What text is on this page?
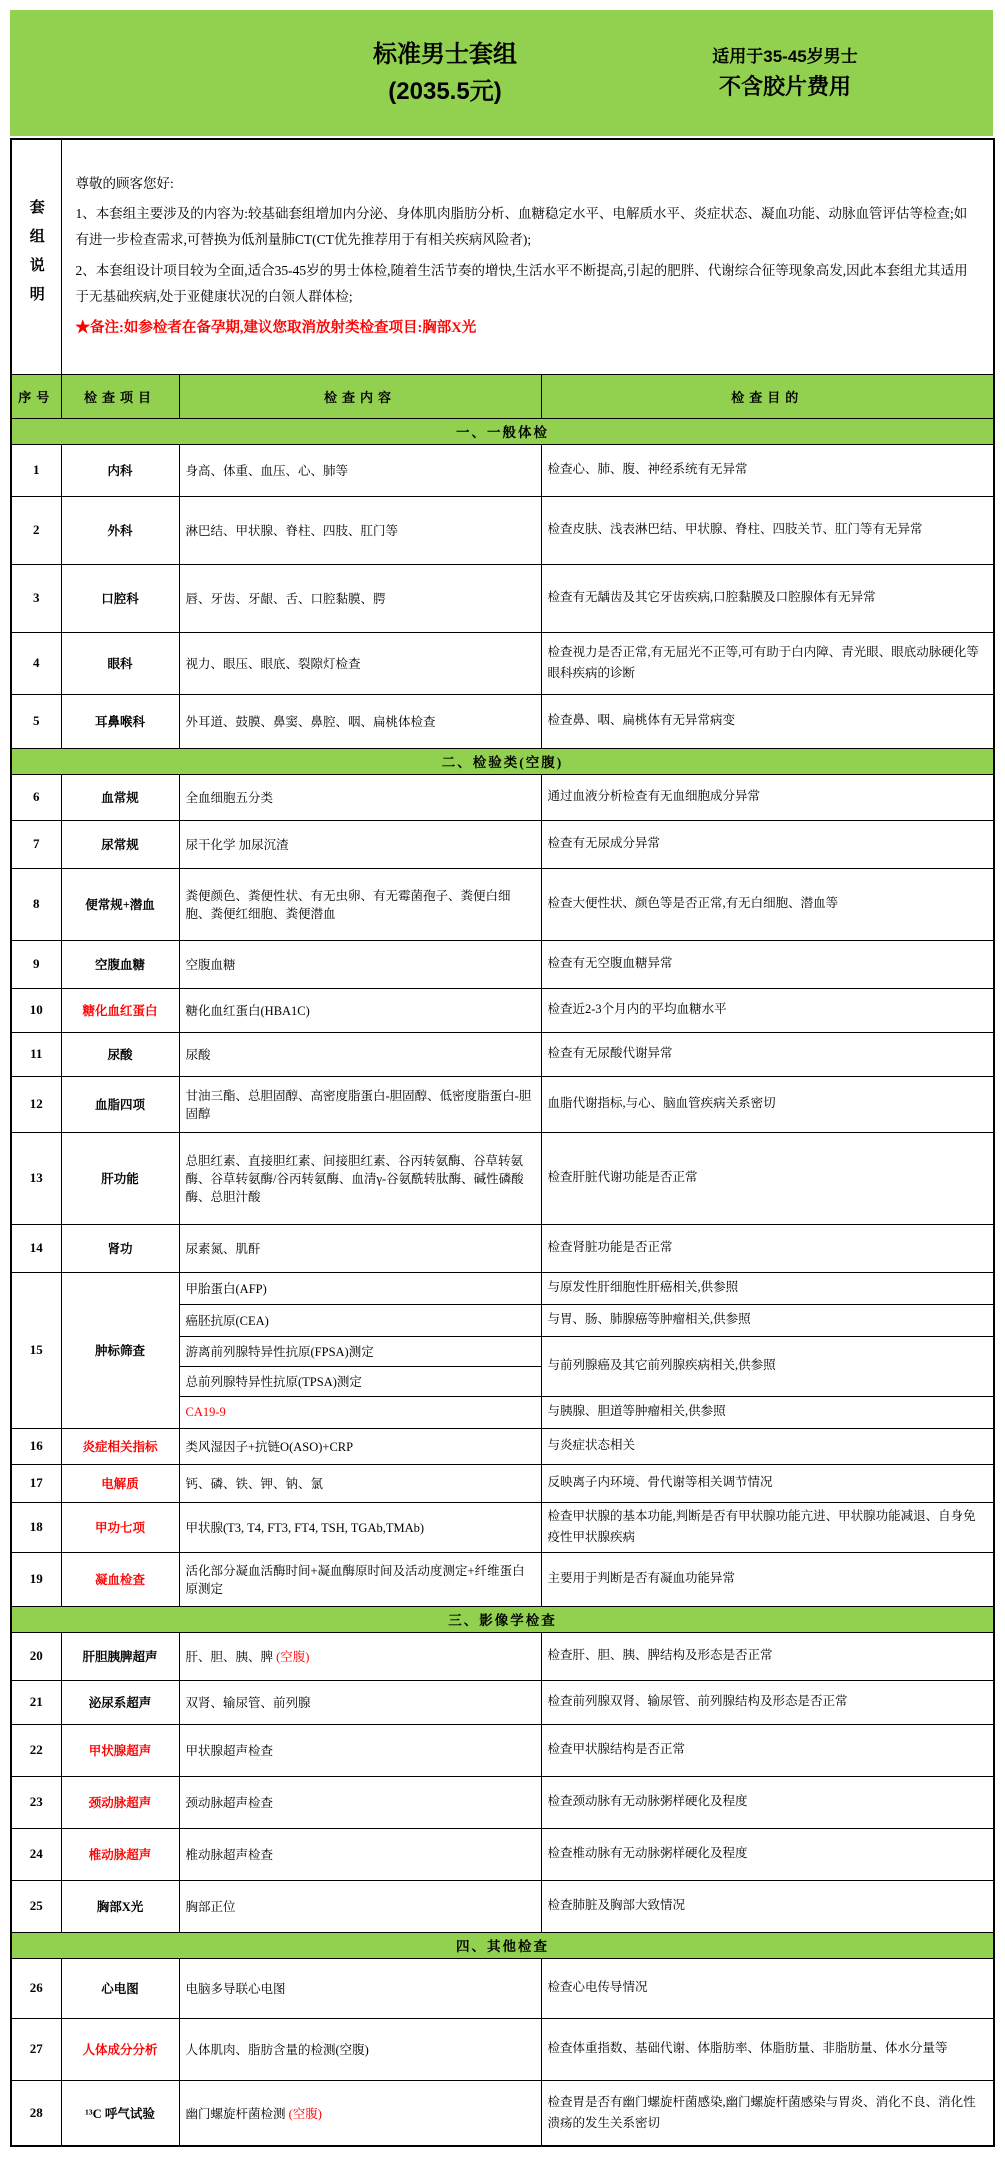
标准男士套组
(2035.5元)
适用于35-45岁男士
不含胶片费用
套组说明	尊敬的顾客您好:

1、本套组主要涉及的内容为:较基础套组增加内分泌、身体肌肉脂肪分析、血糖稳定水平、电解质水平、炎症状态、凝血功能、动脉血管评估等检查;如有进一步检查需求,可替换为低剂量肺CT(CT优先推荐用于有相关疾病风险者);

2、本套组设计项目较为全面,适合35-45岁的男士体检,随着生活节奏的增快,生活水平不断提高,引起的肥胖、代谢综合征等现象高发,因此本套组尤其适用于无基础疾病,处于亚健康状况的白领人群体检;

★备注:如参检者在备孕期,建议您取消放射类检查项目:胸部X光		

序号	检查项目	检查内容	检查目的
一、一般体检			
1	内科	身高、体重、血压、心、肺等	检查心、肺、腹、神经系统有无异常
2	外科	淋巴结、甲状腺、脊柱、四肢、肛门等	检查皮肤、浅表淋巴结、甲状腺、脊柱、四肢关节、肛门等有无异常
3	口腔科	唇、牙齿、牙龈、舌、口腔黏膜、腭	检查有无龋齿及其它牙齿疾病,口腔黏膜及口腔腺体有无异常
4	眼科	视力、眼压、眼底、裂隙灯检查	检查视力是否正常,有无屈光不正等,可有助于白内障、青光眼、眼底动脉硬化等眼科疾病的诊断
5	耳鼻喉科	外耳道、鼓膜、鼻窦、鼻腔、咽、扁桃体检查	检查鼻、咽、扁桃体有无异常病变
二、检验类(空腹)			
6	血常规	全血细胞五分类	通过血液分析检查有无血细胞成分异常
7	尿常规	尿干化学 加尿沉渣	检查有无尿成分异常
8	便常规+潜血	粪便颜色、粪便性状、有无虫卵、有无霉菌孢子、粪便白细胞、粪便红细胞、粪便潜血	检查大便性状、颜色等是否正常,有无白细胞、潜血等
9	空腹血糖	空腹血糖	检查有无空腹血糖异常
10	糖化血红蛋白	糖化血红蛋白(HBA1C)	检查近2-3个月内的平均血糖水平
11	尿酸	尿酸	检查有无尿酸代谢异常
12	血脂四项	甘油三酯、总胆固醇、高密度脂蛋白-胆固醇、低密度脂蛋白-胆固醇	血脂代谢指标,与心、脑血管疾病关系密切
13	肝功能	总胆红素、直接胆红素、间接胆红素、谷丙转氨酶、谷草转氨酶、谷草转氨酶/谷丙转氨酶、血清γ-谷氨酰转肽酶、碱性磷酸酶、总胆汁酸	检查肝脏代谢功能是否正常
14	肾功	尿素氮、肌酐	检查肾脏功能是否正常
15	肿标筛查	甲胎蛋白(AFP)	与原发性肝细胞性肝癌相关,供参照
		癌胚抗原(CEA)	与胃、肠、肺腺癌等肿瘤相关,供参照
		游离前列腺特异性抗原(FPSA)测定	与前列腺癌及其它前列腺疾病相关,供参照
		总前列腺特异性抗原(TPSA)测定	
		CA19-9	与胰腺、胆道等肿瘤相关,供参照
16	炎症相关指标	类风湿因子+抗链O(ASO)+CRP	与炎症状态相关
17	电解质	钙、磷、铁、钾、钠、氯	反映离子内环境、骨代谢等相关调节情况
18	甲功七项	甲状腺(T3, T4, FT3, FT4, TSH, TGAb,TMAb)	检查甲状腺的基本功能,判断是否有甲状腺功能亢进、甲状腺功能减退、自身免疫性甲状腺疾病
19	凝血检查	活化部分凝血活酶时间+凝血酶原时间及活动度测定+纤维蛋白原测定	主要用于判断是否有凝血功能异常
三、影像学检查			
20	肝胆胰脾超声	肝、胆、胰、脾 (空腹)	检查肝、胆、胰、脾结构及形态是否正常
21	泌尿系超声	双肾、输尿管、前列腺	检查前列腺双肾、输尿管、前列腺结构及形态是否正常
22	甲状腺超声	甲状腺超声检查	检查甲状腺结构是否正常
23	颈动脉超声	颈动脉超声检查	检查颈动脉有无动脉粥样硬化及程度
24	椎动脉超声	椎动脉超声检查	检查椎动脉有无动脉粥样硬化及程度
25	胸部X光	胸部正位	检查肺脏及胸部大致情况
四、其他检查			
26	心电图	电脑多导联心电图	检查心电传导情况
27	人体成分分析	人体肌肉、脂肪含量的检测(空腹)	检查体重指数、基础代谢、体脂肪率、体脂肪量、非脂肪量、体水分量等
28	¹³C 呼气试验	幽门螺旋杆菌检测 (空腹)	检查胃是否有幽门螺旋杆菌感染,幽门螺旋杆菌感染与胃炎、消化不良、消化性溃疡的发生关系密切
